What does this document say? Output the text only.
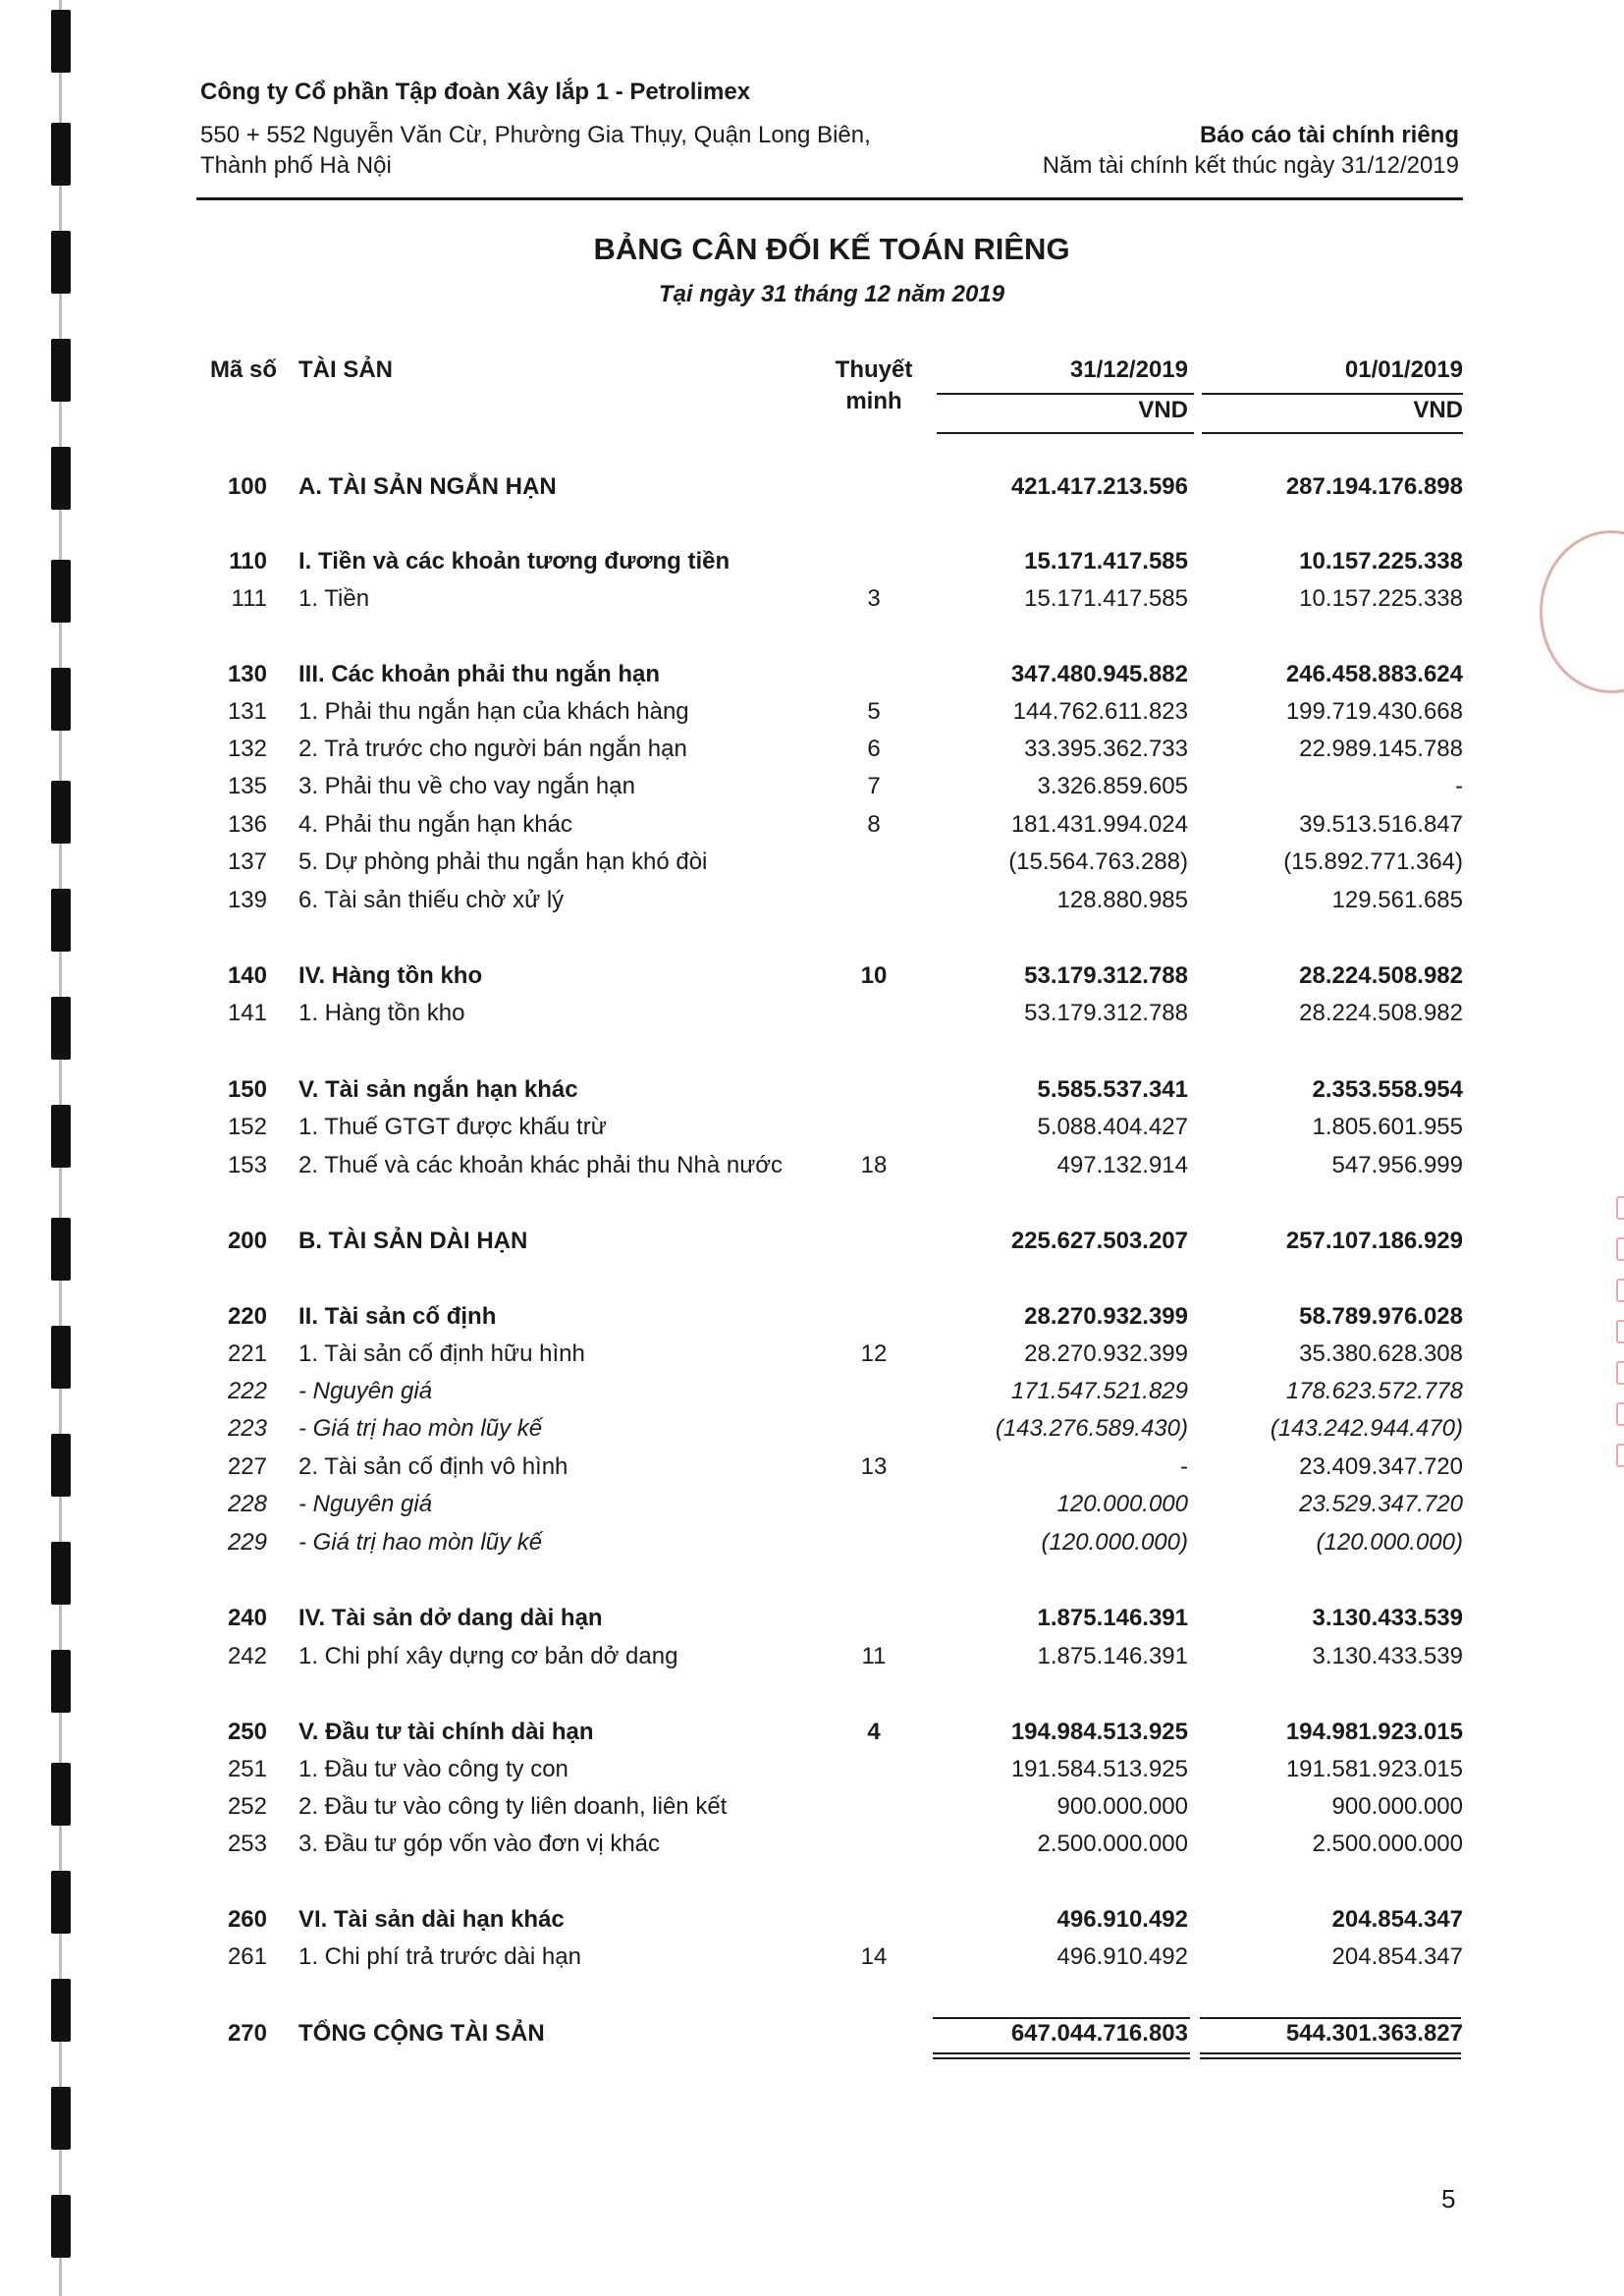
Công ty Cổ phần Tập đoàn Xây lắp 1 - Petrolimex
550 + 552 Nguyễn Văn Cừ, Phường Gia Thụy, Quận Long Biên,
Thành phố Hà Nội
Báo cáo tài chính riêng
Năm tài chính kết thúc ngày 31/12/2019
BẢNG CÂN ĐỐI KẾ TOÁN RIÊNG
Tại ngày 31 tháng 12 năm 2019
Mã số TÀI SẢN	Thuyết
minh
31/12/2019	01/01/2019
VND	VND
100 A. TÀI SẢN NGẮN HẠN	421.417.213.596	287.194.176.898
110 I. Tiền và các khoản tương đương tiền	15.171.417.585	10.157.225.338
111 1. Tiền	3	15.171.417.585	10.157.225.338
130 III. Các khoản phải thu ngắn hạn	347.480.945.882	246.458.883.624
131 1. Phải thu ngắn hạn của khách hàng	5	144.762.611.823	199.719.430.668
132 2. Trả trước cho người bán ngắn hạn	6	33.395.362.733	22.989.145.788
135 3. Phải thu về cho vay ngắn hạn	7	3.326.859.605	-
136 4. Phải thu ngắn hạn khác	8	181.431.994.024	39.513.516.847
137 5. Dự phòng phải thu ngắn hạn khó đòi	(15.564.763.288)	(15.892.771.364)
139 6. Tài sản thiếu chờ xử lý	128.880.985	129.561.685
140 IV. Hàng tồn kho	10	53.179.312.788	28.224.508.982
141 1. Hàng tồn kho	53.179.312.788	28.224.508.982
150 V. Tài sản ngắn hạn khác	5.585.537.341	2.353.558.954
152 1. Thuế GTGT được khấu trừ	5.088.404.427	1.805.601.955
153 2. Thuế và các khoản khác phải thu Nhà nước	18	497.132.914	547.956.999
200 B. TÀI SẢN DÀI HẠN	225.627.503.207	257.107.186.929
220 II. Tài sản cố định	28.270.932.399	58.789.976.028
221 1. Tài sản cố định hữu hình	12	28.270.932.399	35.380.628.308
222 - Nguyên giá	171.547.521.829	178.623.572.778
223 - Giá trị hao mòn lũy kế	(143.276.589.430)	(143.242.944.470)
227 2. Tài sản cố định vô hình	13	-	23.409.347.720
228 - Nguyên giá	120.000.000	23.529.347.720
229 - Giá trị hao mòn lũy kế	(120.000.000)	(120.000.000)
240 IV. Tài sản dở dang dài hạn	1.875.146.391	3.130.433.539
242 1. Chi phí xây dựng cơ bản dở dang	11	1.875.146.391	3.130.433.539
250 V. Đầu tư tài chính dài hạn	4	194.984.513.925	194.981.923.015
251 1. Đầu tư vào công ty con	191.584.513.925	191.581.923.015
252 2. Đầu tư vào công ty liên doanh, liên kết	900.000.000	900.000.000
253 3. Đầu tư góp vốn vào đơn vị khác	2.500.000.000	2.500.000.000
260 VI. Tài sản dài hạn khác	496.910.492	204.854.347
261 1. Chi phí trả trước dài hạn	14	496.910.492	204.854.347
270 TỔNG CỘNG TÀI SẢN	647.044.716.803	544.301.363.827
5
